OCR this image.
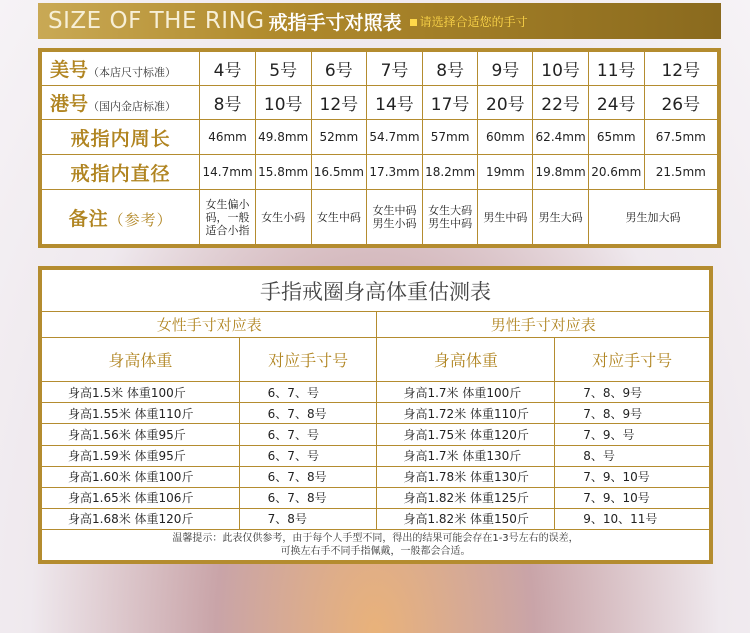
SIZE OF THE RING 戒指手寸对照表	请选择合适您的手寸
美号（本店尺寸标准）	4号	5号	6号	7号	8号	9号	10号	11号	12号
港号（国内金店标准）	8号	10号	12号	14号	17号	20号	22号	24号	26号
戒指内周长	46mm	49.8mm	52mm	54.7mm	57mm	60mm	62.4mm	65mm	67.5mm
戒指内直径	14.7mm	15.8mm	16.5mm	17.3mm	18.2mm	19mm	19.8mm	20.6mm	21.5mm
备注（参考）	女生偏小码，一般适合小指	女生小码	女生中码	女生中码男生小码	女生大码男生中码	男生中码	男生大码	男生加大码	
手指戒圈身高体重估测表			
女性手寸对应表		男性手寸对应表	
身高体重	对应手寸号	身高体重	对应手寸号
身高1.5米 体重100斤	6、7、号	身高1.7米 体重100斤	7、8、9号
身高1.55米 体重110斤	6、7、8号	身高1.72米 体重110斤	7、8、9号
身高1.56米 体重95斤	6、7、号	身高1.75米 体重120斤	7、9、号
身高1.59米 体重95斤	6、7、号	身高1.7米 体重130斤	8、号
身高1.60米 体重100斤	6、7、8号	身高1.78米 体重130斤	7、9、10号
身高1.65米 体重106斤	6、7、8号	身高1.82米 体重125斤	7、9、10号
身高1.68米 体重120斤	7、8号	身高1.82米 体重150斤	9、10、11号

温馨提示：此表仅供参考，由于每个人手型不同，得出的结果可能会存在1-3号左右的误差，
可换左右手不同手指佩戴，一般都会合适。			
